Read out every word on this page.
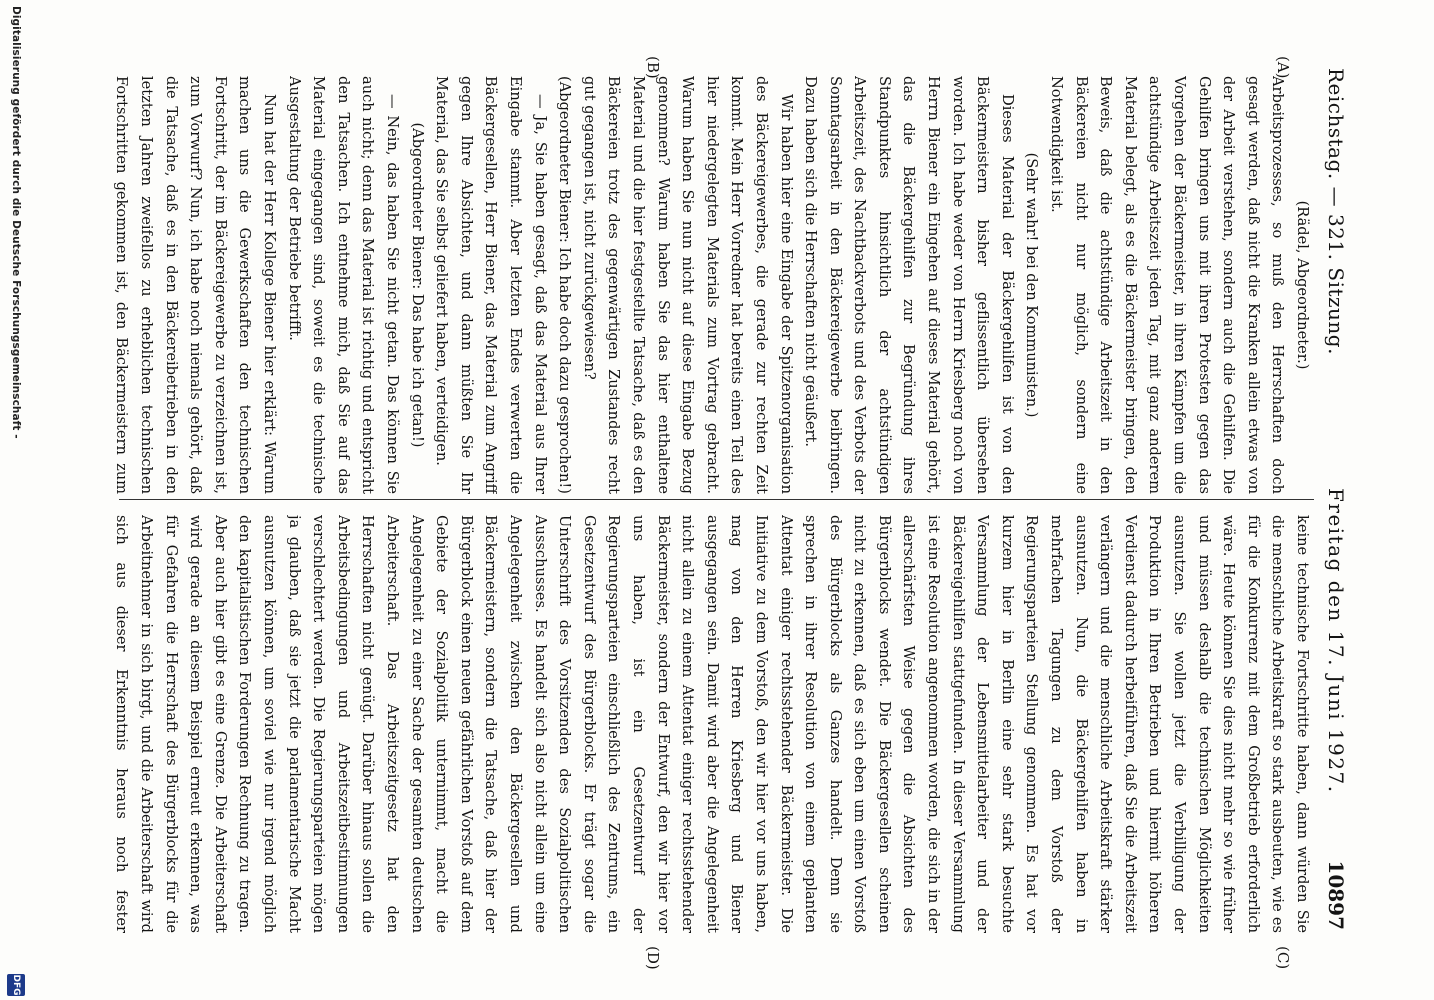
Reichstag. — 321. Sitzung.
Freitag den 17. Juni 1927.
10897
(A)
(B)
(C)
(D)

(Rädel, Abgeordneter.)

Arbeitsprozesses, so muß den Herrschaften doch gesagt werden, daß nicht die Kranken allein etwas von der Arbeit verstehen, sondern auch die Gehilfen. Die Gehilfen bringen uns mit ihren Protesten gegen das Vorgehen der Bäckermeister, in ihren Kämpfen um die achtstündige Arbeitszeit jeden Tag, mit ganz anderem Material belegt, als es die Bäckermeister bringen, den Beweis, daß die achtstündige Arbeitszeit in den Bäckereien nicht nur möglich, sondern eine Notwendigkeit ist.

(Sehr wahr! bei den Kommunisten.)

Dieses Material der Bäckergehilfen ist von den Bäckermeistern bisher geflissentlich übersehen worden. Ich habe weder von Herrn Kriesberg noch von Herrn Biener ein Eingehen auf dieses Material gehört, das die Bäckergehilfen zur Begründung ihres Standpunktes hinsichtlich der achtstündigen Arbeitszeit, des Nachtbackverbots und des Verbots der Sonntagsarbeit in den Bäckereigewerbe beibringen. Dazu haben sich die Herrschaften nicht geäußert.

Wir haben hier eine Eingabe der Spitzenorganisation des Bäckereigewerbes, die gerade zur rechten Zeit kommt. Mein Herr Vorredner hat bereits einen Teil des hier niedergelegten Materials zum Vortrag gebracht. Warum haben Sie nun nicht auf diese Eingabe Bezug genommen? Warum haben Sie das hier enthaltene Material und die hier festgestellte Tatsache, daß es den Bäckereien trotz des gegenwärtigen Zustandes recht gut gegangen ist, nicht zurückgewiesen?

(Abgeordneter Biener: Ich habe doch dazu gesprochen!)

— Ja, Sie haben gesagt, daß das Material aus Ihrer Eingabe stammt. Aber letzten Endes verwerten die Bäckergesellen, Herr Biener, das Material zum Angriff gegen Ihre Absichten, und dann müßten Sie Ihr Material, das Sie selbst geliefert haben, verteidigen.

(Abgeordneter Biener: Das habe ich getan!)

— Nein, das haben Sie nicht getan. Das können Sie auch nicht; denn das Material ist richtig und entspricht den Tatsachen. Ich entnehme mich, daß Sie auf das Material eingegangen sind, soweit es die technische Ausgestaltung der Betriebe betrifft.

Nun hat der Herr Kollege Biener hier erklärt: Warum machen uns die Gewerkschaften den technischen Fortschritt, der im Bäckereigewerbe zu verzeichnen ist, zum Vorwurf? Nun, ich habe noch niemals gehört, daß die Tatsache, daß es in den Bäckereibetrieben in den letzten Jahren zweifellos zu erheblichen technischen Fortschritten gekommen ist, den Bäckermeistern zum

keine technische Fortschritte haben, dann würden Sie die menschliche Arbeitskraft so stark ausbeuten, wie es für die Konkurrenz mit dem Großbetrieb erforderlich wäre. Heute können Sie dies nicht mehr so wie früher und müssen deshalb die technischen Möglichkeiten ausnutzen. Sie wollen jetzt die Verbilligung der Produktion in Ihren Betrieben und hiermit höheren Verdienst dadurch herbeiführen, daß Sie die Arbeitszeit verlängern und die menschliche Arbeitskraft stärker ausnutzen. Nun, die Bäckergehilfen haben in mehrfachen Tagungen zu dem Vorstoß der Regierungsparteien Stellung genommen. Es hat vor kurzem hier in Berlin eine sehr stark besuchte Versammlung der Lebensmittelarbeiter und der Bäckereigehilfen stattgefunden. In dieser Versammlung ist eine Resolution angenommen worden, die sich in der allerschärfsten Weise gegen die Absichten des Bürgerblocks wendet. Die Bäckergesellen scheinen nicht zu erkennen, daß es sich eben um einen Vorstoß des Bürgerblocks als Ganzes handelt. Denn sie sprechen in ihrer Resolution von einem geplanten Attentat einiger rechtsstehender Bäckermeister. Die Initiative zu dem Vorstoß, den wir hier vor uns haben, mag von den Herren Kriesberg und Biener ausgegangen sein. Damit wird aber die Angelegenheit nicht allein zu einem Attentat einiger rechtsstehender Bäckermeister, sondern der Entwurf, den wir hier vor uns haben, ist ein Gesetzentwurf der Regierungsparteien einschließlich des Zentrums, ein Gesetzentwurf des Bürgerblocks. Er trägt sogar die Unterschrift des Vorsitzenden des Sozialpolitischen Ausschusses. Es handelt sich also nicht allein um eine Angelegenheit zwischen den Bäckergesellen und Bäckermeistern, sondern die Tatsache, daß hier der Bürgerblock einen neuen gefährlichen Vorstoß auf dem Gebiete der Sozialpolitik unternimmt, macht die Angelegenheit zu einer Sache der gesamten deutschen Arbeiterschaft. Das Arbeitszeitgesetz hat den Herrschaften nicht genügt. Darüber hinaus sollen die Arbeitsbedingungen und Arbeitszeitbestimmungen verschlechtert werden. Die Regierungsparteien mögen ja glauben, daß sie jetzt die parlamentarische Macht ausnutzen können, um soviel wie nur irgend möglich den kapitalistischen Forderungen Rechnung zu tragen. Aber auch hier gibt es eine Grenze. Die Arbeiterschaft wird gerade an diesem Beispiel erneut erkennen, was für Gefahren die Herrschaft des Bürgerblocks für die Arbeitnehmer in sich birgt, und die Arbeiterschaft wird sich aus dieser Erkenntnis heraus noch fester

Digitalisierung gefördert durch die Deutsche Forschungsgemeinschaft -
DFG
